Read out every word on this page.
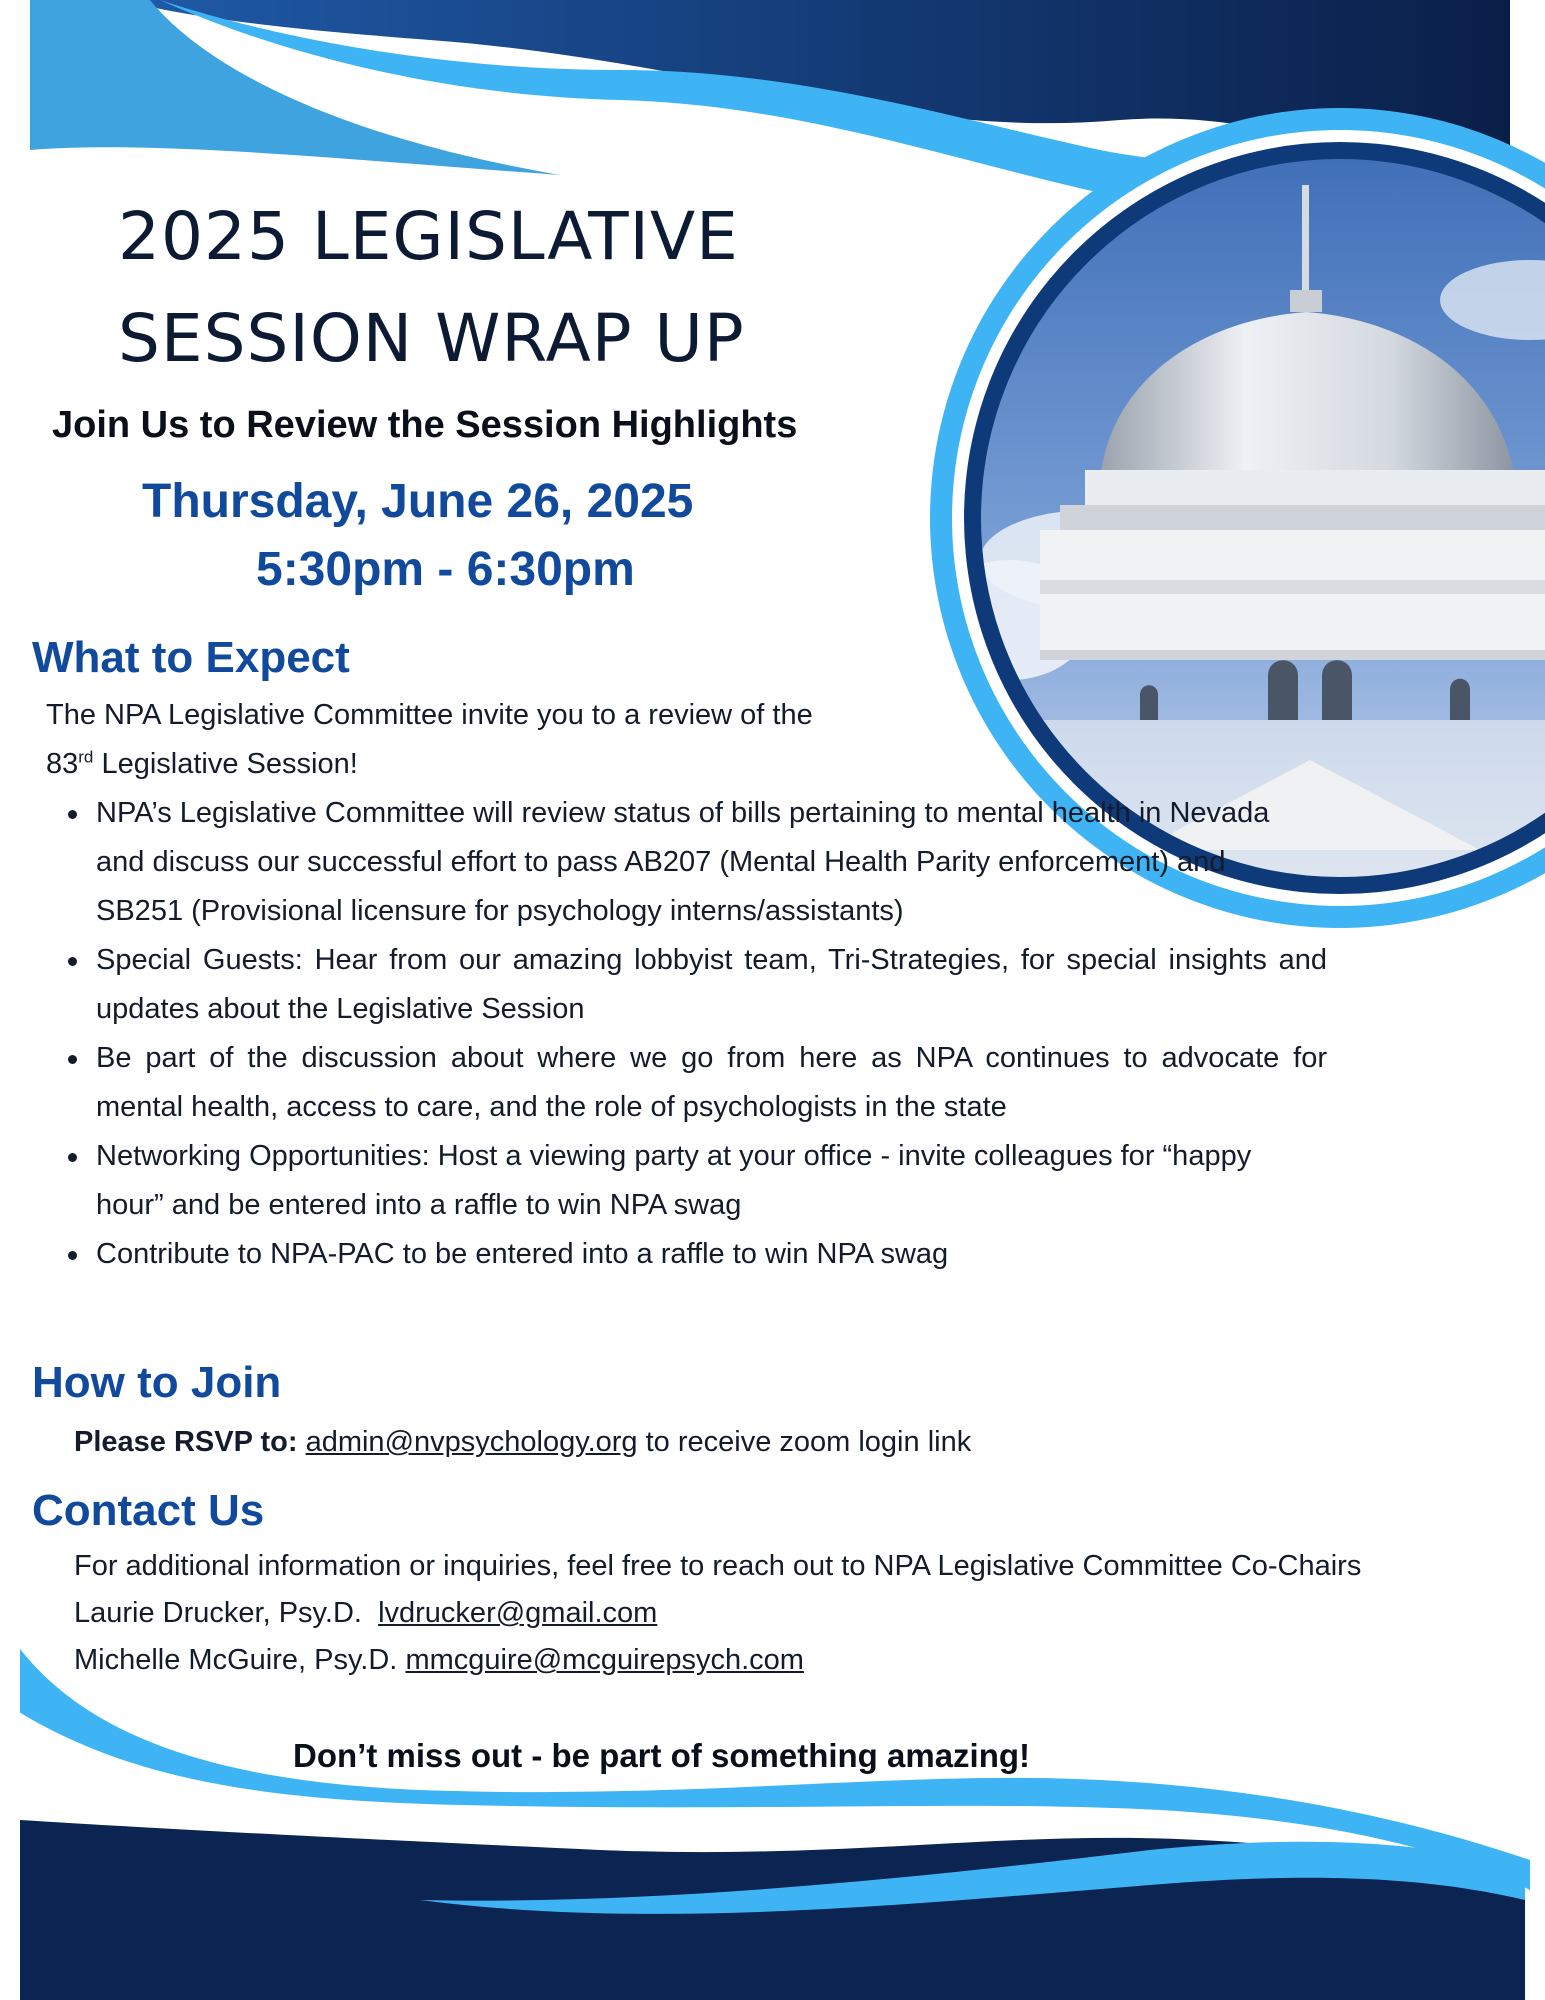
2025 LEGISLATIVE
SESSION WRAP UP
Join Us to Review the Session Highlights
Thursday, June 26, 2025
5:30pm - 6:30pm
What to Expect
The NPA Legislative Committee invite you to a review of the
83rd Legislative Session!
NPA’s Legislative Committee will review status of bills pertaining to mental health in Nevada and discuss our successful effort to pass AB207 (Mental Health Parity enforcement) and SB251 (Provisional licensure for psychology interns/assistants)
Special Guests: Hear from our amazing lobbyist team, Tri-Strategies, for special insights and updates about the Legislative Session
Be part of the discussion about where we go from here as NPA continues to advocate for mental health, access to care, and the role of psychologists in the state
Networking Opportunities: Host a viewing party at your office - invite colleagues for “happy hour” and be entered into a raffle to win NPA swag
Contribute to NPA-PAC to be entered into a raffle to win NPA swag
How to Join
Please RSVP to: admin@nvpsychology.org to receive zoom login link
Contact Us
For additional information or inquiries, feel free to reach out to NPA Legislative Committee Co-Chairs
Laurie Drucker, Psy.D. lvdrucker@gmail.com
Michelle McGuire, Psy.D. mmcguire@mcguirepsych.com
Don’t miss out - be part of something amazing!
